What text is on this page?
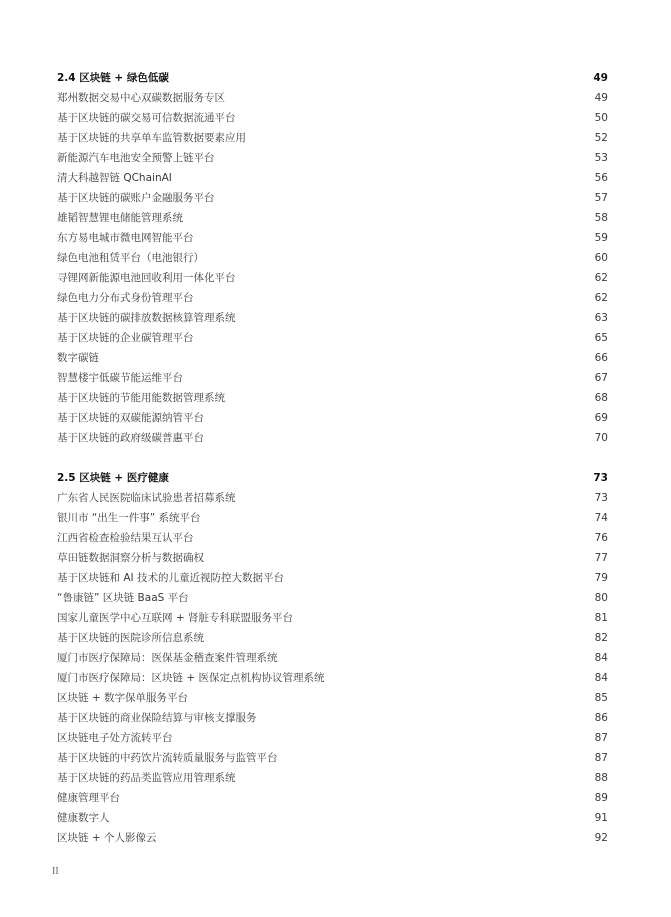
2.4 区块链 + 绿色低碳	49
郑州数据交易中心双碳数据服务专区	49
基于区块链的碳交易可信数据流通平台	50
基于区块链的共享单车监管数据要素应用	52
新能源汽车电池安全预警上链平台	53
清大科越智链 QChainAI	56
基于区块链的碳账户金融服务平台	57
雄韬智慧锂电储能管理系统	58
东方易电城市微电网智能平台	59
绿色电池租赁平台（电池银行）	60
寻锂网新能源电池回收利用一体化平台	62
绿色电力分布式身份管理平台	62
基于区块链的碳排放数据核算管理系统	63
基于区块链的企业碳管理平台	65
数字碳链	66
智慧楼宇低碳节能运维平台	67
基于区块链的节能用能数据管理系统	68
基于区块链的双碳能源纳管平台	69
基于区块链的政府级碳普惠平台	70
2.5 区块链 + 医疗健康	73
广东省人民医院临床试验患者招募系统	73
银川市 “出生一件事” 系统平台	74
江西省检查检验结果互认平台	76
草田链数据洞察分析与数据确权	77
基于区块链和 AI 技术的儿童近视防控大数据平台	79
“鲁康链” 区块链 BaaS 平台	80
国家儿童医学中心互联网 + 肾脏专科联盟服务平台	81
基于区块链的医院诊所信息系统	82
厦门市医疗保障局：医保基金稽查案件管理系统	84
厦门市医疗保障局：区块链 + 医保定点机构协议管理系统	84
区块链 + 数字保单服务平台	85
基于区块链的商业保险结算与审核支撑服务	86
区块链电子处方流转平台	87
基于区块链的中药饮片流转质量服务与监管平台	87
基于区块链的药品类监管应用管理系统	88
健康管理平台	89
健康数字人	91
区块链 + 个人影像云	92
II
